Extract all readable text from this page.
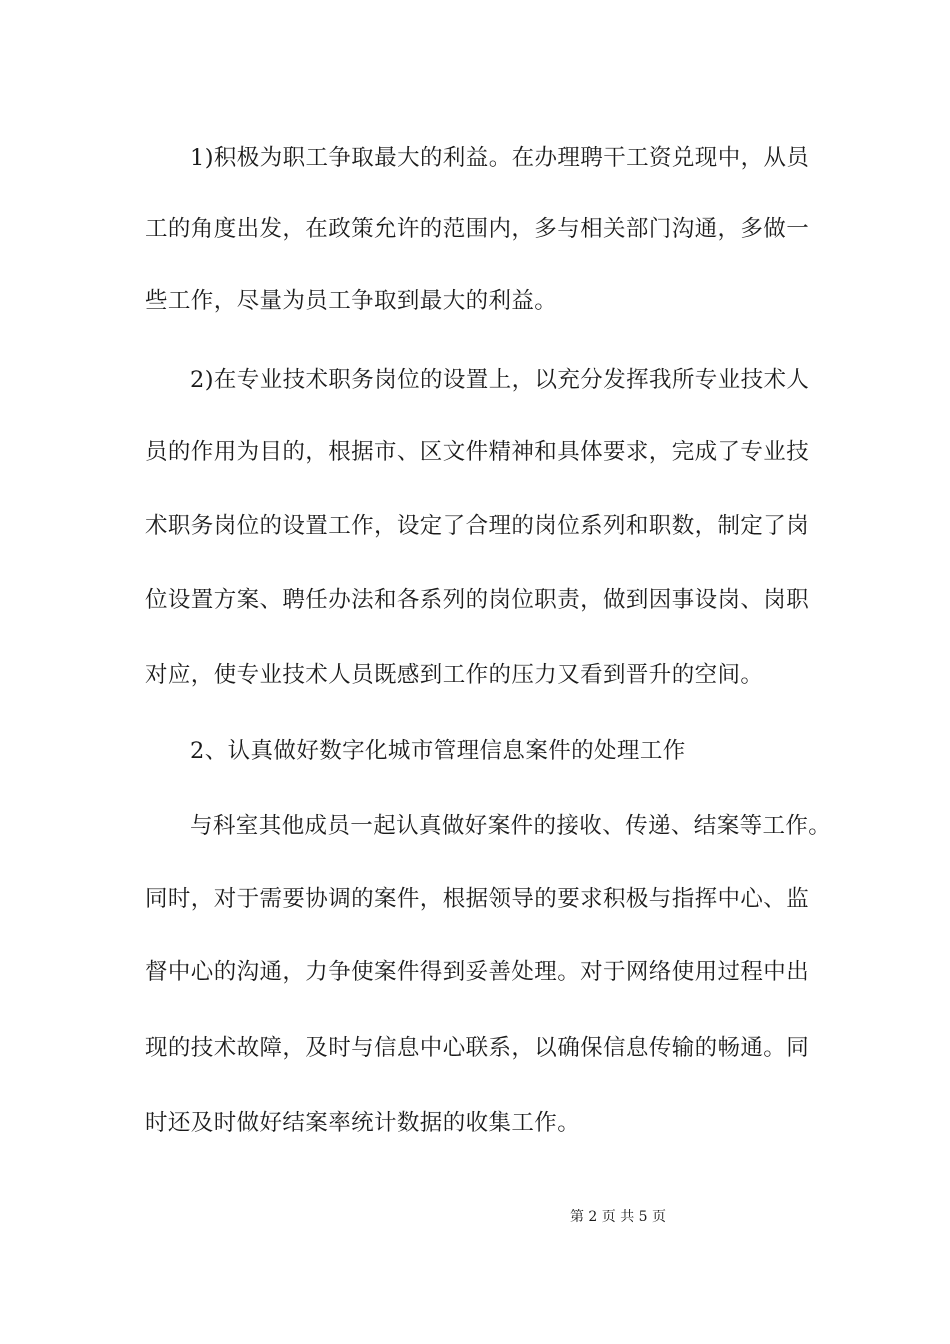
1)积极为职工争取最大的利益。在办理聘干工资兑现中，从员
工的角度出发，在政策允许的范围内，多与相关部门沟通，多做一
些工作，尽量为员工争取到最大的利益。
2)在专业技术职务岗位的设置上，以充分发挥我所专业技术人
员的作用为目的，根据市、区文件精神和具体要求，完成了专业技
术职务岗位的设置工作，设定了合理的岗位系列和职数，制定了岗
位设置方案、聘任办法和各系列的岗位职责，做到因事设岗、岗职
对应，使专业技术人员既感到工作的压力又看到晋升的空间。
2、认真做好数字化城市管理信息案件的处理工作
与科室其他成员一起认真做好案件的接收、传递、结案等工作。
同时，对于需要协调的案件，根据领导的要求积极与指挥中心、监
督中心的沟通，力争使案件得到妥善处理。对于网络使用过程中出
现的技术故障，及时与信息中心联系，以确保信息传输的畅通。同
时还及时做好结案率统计数据的收集工作。
第 2 页 共 5 页
